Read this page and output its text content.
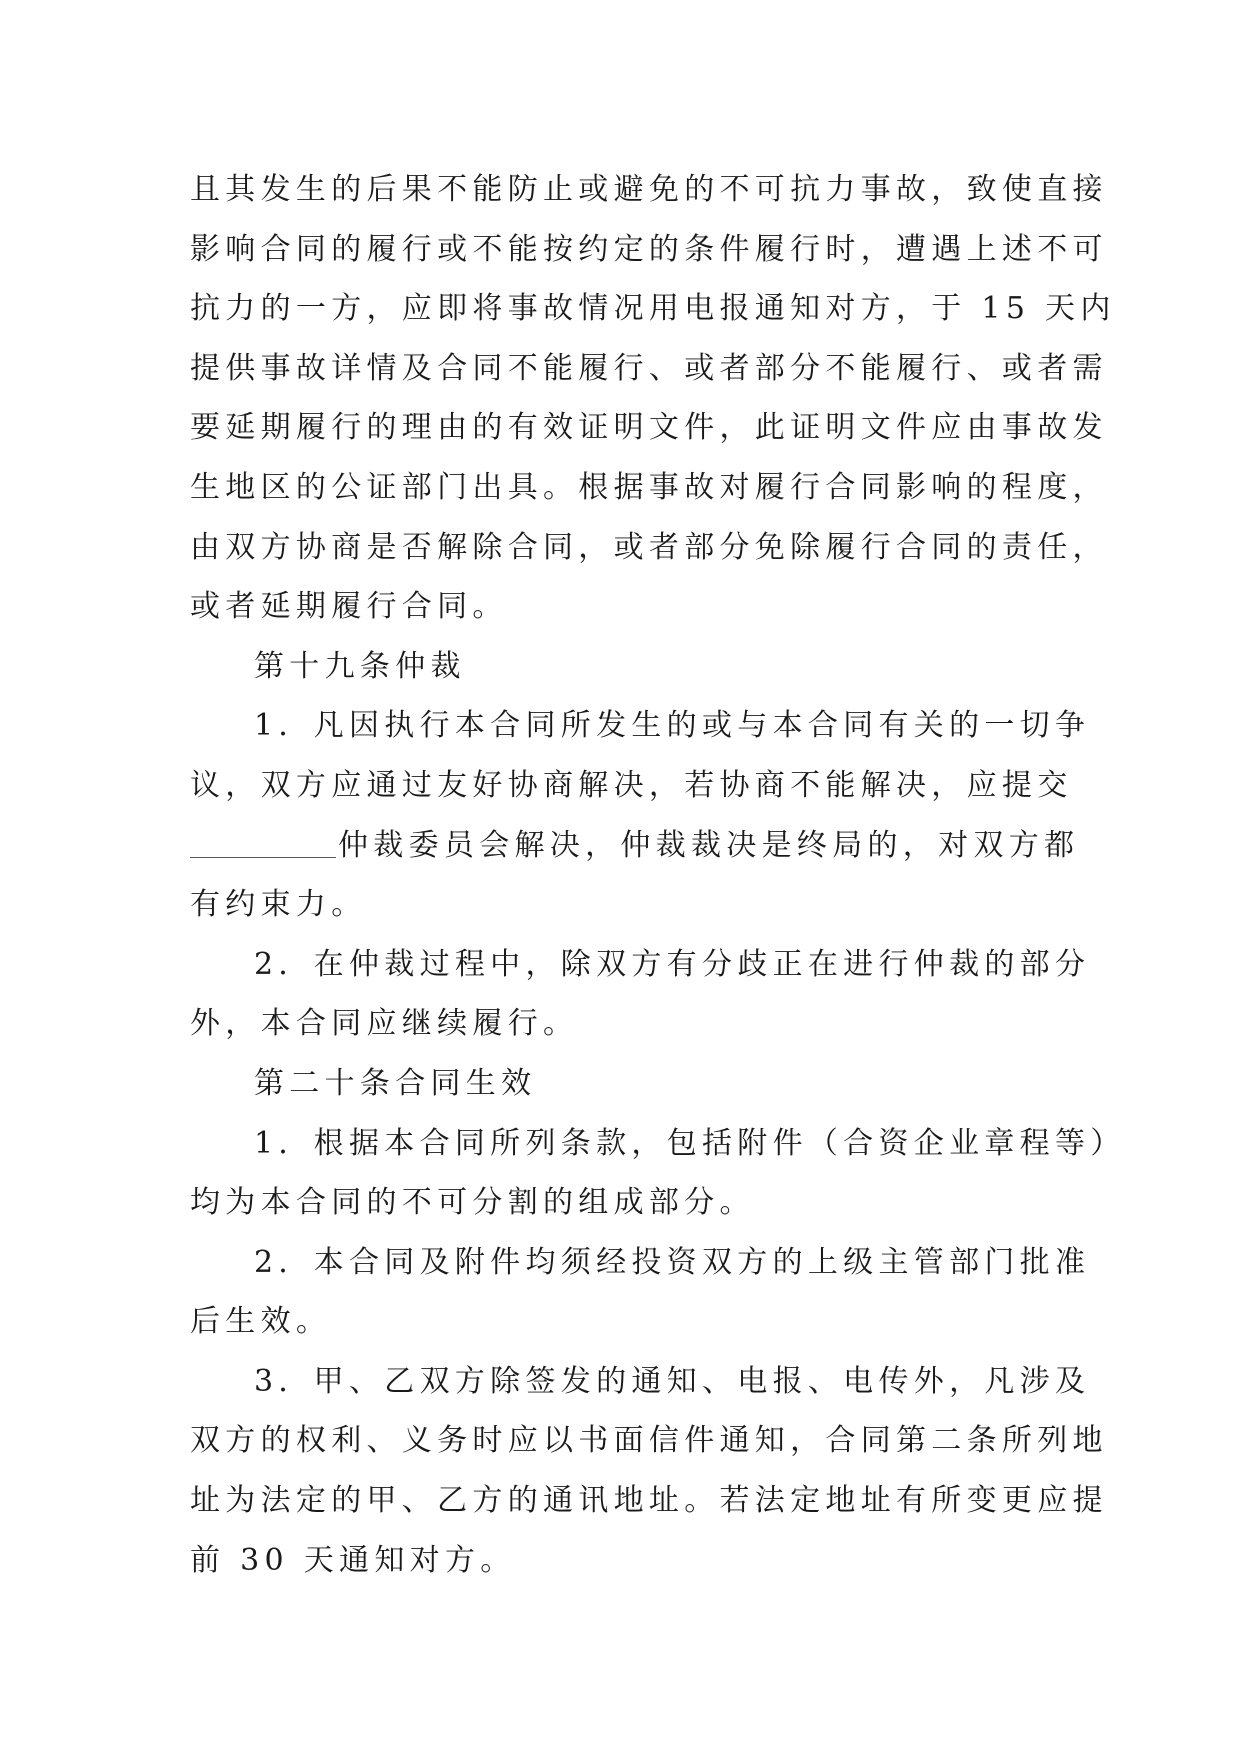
且其发生的后果不能防止或避免的不可抗力事故，致使直接
影响合同的履行或不能按约定的条件履行时，遭遇上述不可
抗力的一方，应即将事故情况用电报通知对方，于 15 天内
提供事故详情及合同不能履行、或者部分不能履行、或者需
要延期履行的理由的有效证明文件，此证明文件应由事故发
生地区的公证部门出具。根据事故对履行合同影响的程度，
由双方协商是否解除合同，或者部分免除履行合同的责任，
或者延期履行合同。
第十九条仲裁
1．凡因执行本合同所发生的或与本合同有关的一切争
议，双方应通过友好协商解决，若协商不能解决，应提交
仲裁委员会解决，仲裁裁决是终局的，对双方都
有约束力。
2．在仲裁过程中，除双方有分歧正在进行仲裁的部分
外，本合同应继续履行。
第二十条合同生效
1．根据本合同所列条款，包括附件（合资企业章程等）
均为本合同的不可分割的组成部分。
2．本合同及附件均须经投资双方的上级主管部门批准
后生效。
3．甲、乙双方除签发的通知、电报、电传外，凡涉及
双方的权利、义务时应以书面信件通知，合同第二条所列地
址为法定的甲、乙方的通讯地址。若法定地址有所变更应提
前 30 天通知对方。
